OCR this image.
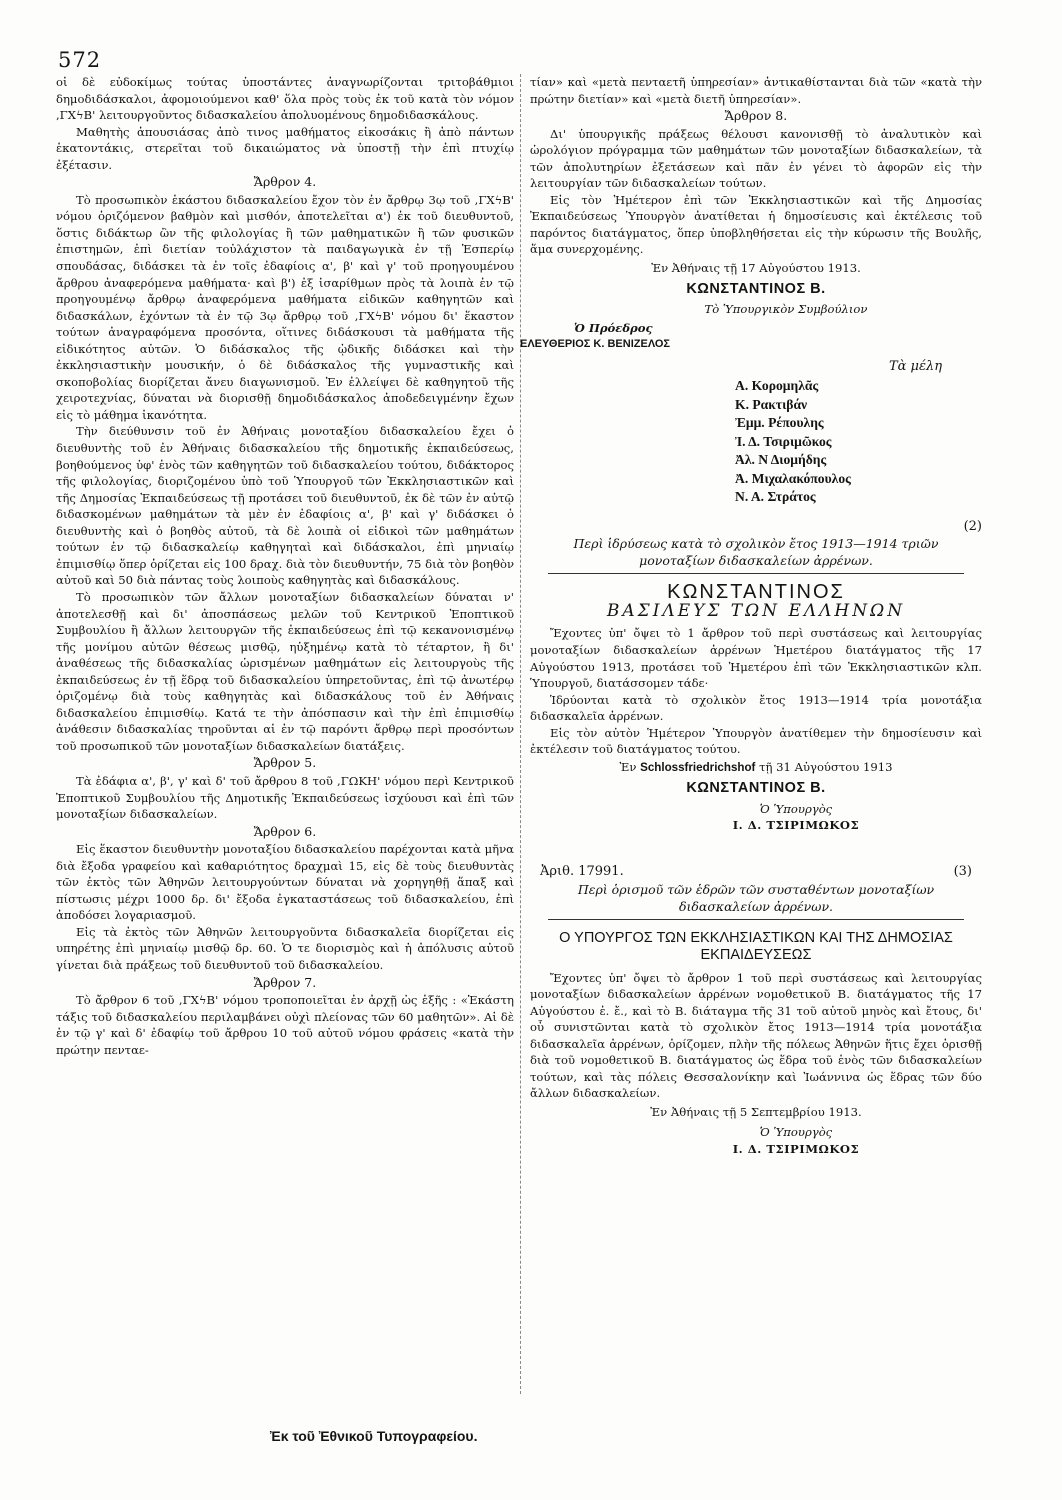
572

οἱ δὲ εὐδοκίμως τούτας ὑποστάντες ἀναγνωρίζονται τριτοβάθμιοι δημοδιδάσκαλοι, ἀφομοιούμενοι καθ' ὅλα πρὸς τοὺς ἐκ τοῦ κατὰ τὸν νόμον ,ΓΧϟΒ' λειτουργοῦντος διδασκαλείου ἀπολυομένους δημοδιδασκάλους.

Μαθητὴς ἀπουσιάσας ἀπὸ τινος μαθήματος εἰκοσάκις ἢ ἀπὸ πάντων ἑκατοντάκις, στερεῖται τοῦ δικαιώματος νὰ ὑποστῇ τὴν ἐπὶ πτυχίῳ ἐξέτασιν.

Ἄρθρον 4.

Τὸ προσωπικὸν ἑκάστου διδασκαλείου ἔχον τὸν ἐν ἄρθρῳ 3ῳ τοῦ ,ΓΧϟΒ' νόμου ὁριζόμενον βαθμὸν καὶ μισθόν, ἀποτελεῖται α') ἐκ τοῦ διευθυντοῦ, ὅστις διδάκτωρ ὢν τῆς φιλολογίας ἢ τῶν μαθηματικῶν ἢ τῶν φυσικῶν ἐπιστημῶν, ἐπὶ διετίαν τοὐλάχιστον τὰ παιδαγωγικὰ ἐν τῇ Ἑσπερίῳ σπουδάσας, διδάσκει τὰ ἐν τοῖς ἐδαφίοις α', β' καὶ γ' τοῦ προηγουμένου ἄρθρου ἀναφερόμενα μαθήματα· καὶ β') ἐξ ἰσαρίθμων πρὸς τὰ λοιπὰ ἐν τῷ προηγουμένῳ ἄρθρῳ ἀναφερόμενα μαθήματα εἰδικῶν καθηγητῶν καὶ διδασκάλων, ἐχόντων τὰ ἐν τῷ 3ῳ ἄρθρῳ τοῦ ,ΓΧϟΒ' νόμου δι' ἕκαστον τούτων ἀναγραφόμενα προσόντα, οἵτινες διδάσκουσι τὰ μαθήματα τῆς εἰδικότητος αὐτῶν. Ὁ διδάσκαλος τῆς ᾠδικῆς διδάσκει καὶ τὴν ἐκκλησιαστικὴν μουσικήν, ὁ δὲ διδάσκαλος τῆς γυμναστικῆς καὶ σκοποβολίας διορίζεται ἄνευ διαγωνισμοῦ. Ἐν ἐλλείψει δὲ καθηγητοῦ τῆς χειροτεχνίας, δύναται νὰ διορισθῇ δημοδιδάσκαλος ἀποδεδειγμένην ἔχων εἰς τὸ μάθημα ἱκανότητα.

Τὴν διεύθυνσιν τοῦ ἐν Ἀθήναις μονοταξίου διδασκαλείου ἔχει ὁ διευθυντὴς τοῦ ἐν Ἀθήναις διδασκαλείου τῆς δημοτικῆς ἐκπαιδεύσεως, βοηθούμενος ὑφ' ἑνὸς τῶν καθηγητῶν τοῦ διδασκαλείου τούτου, διδάκτορος τῆς φιλολογίας, διοριζομένου ὑπὸ τοῦ Ὑπουργοῦ τῶν Ἐκκλησιαστικῶν καὶ τῆς Δημοσίας Ἐκπαιδεύσεως τῇ προτάσει τοῦ διευθυντοῦ, ἐκ δὲ τῶν ἐν αὐτῷ διδασκομένων μαθημάτων τὰ μὲν ἐν ἐδαφίοις α', β' καὶ γ' διδάσκει ὁ διευθυντὴς καὶ ὁ βοηθὸς αὐτοῦ, τὰ δὲ λοιπὰ οἱ εἰδικοὶ τῶν μαθημάτων τούτων ἐν τῷ διδασκαλείῳ καθηγηταὶ καὶ διδάσκαλοι, ἐπὶ μηνιαίῳ ἐπιμισθίῳ ὅπερ ὁρίζεται εἰς 100 δραχ. διὰ τὸν διευθυντήν, 75 διὰ τὸν βοηθὸν αὐτοῦ καὶ 50 διὰ πάντας τοὺς λοιποὺς καθηγητὰς καὶ διδασκάλους.

Τὸ προσωπικὸν τῶν ἄλλων μονοταξίων διδασκαλείων δύναται ν' ἀποτελεσθῇ καὶ δι' ἀποσπάσεως μελῶν τοῦ Κεντρικοῦ Ἐποπτικοῦ Συμβουλίου ἢ ἄλλων λειτουργῶν τῆς ἐκπαιδεύσεως ἐπὶ τῷ κεκανονισμένῳ τῆς μονίμου αὐτῶν θέσεως μισθῷ, ηὐξημένῳ κατὰ τὸ τέταρτον, ἢ δι' ἀναθέσεως τῆς διδασκαλίας ὡρισμένων μαθημάτων εἰς λειτουργοὺς τῆς ἐκπαιδεύσεως ἐν τῇ ἕδρᾳ τοῦ διδασκαλείου ὑπηρετοῦντας, ἐπὶ τῷ ἀνωτέρῳ ὁριζομένῳ διὰ τοὺς καθηγητὰς καὶ διδασκάλους τοῦ ἐν Ἀθήναις διδασκαλείου ἐπιμισθίῳ. Κατά τε τὴν ἀπόσπασιν καὶ τὴν ἐπὶ ἐπιμισθίῳ ἀνάθεσιν διδασκαλίας τηροῦνται αἱ ἐν τῷ παρόντι ἄρθρῳ περὶ προσόντων τοῦ προσωπικοῦ τῶν μονοταξίων διδασκαλείων διατάξεις.

Ἄρθρον 5.

Τὰ ἐδάφια α', β', γ' καὶ δ' τοῦ ἄρθρου 8 τοῦ ,ΓΩΚΗ' νόμου περὶ Κεντρικοῦ Ἐποπτικοῦ Συμβουλίου τῆς Δημοτικῆς Ἐκπαιδεύσεως ἰσχύουσι καὶ ἐπὶ τῶν μονοταξίων διδασκαλείων.

Ἄρθρον 6.

Εἰς ἕκαστον διευθυντὴν μονοταξίου διδασκαλείου παρέχονται κατὰ μῆνα διὰ ἔξοδα γραφείου καὶ καθαριότητος δραχμαὶ 15, εἰς δὲ τοὺς διευθυντὰς τῶν ἐκτὸς τῶν Ἀθηνῶν λειτουργούντων δύναται νὰ χορηγηθῇ ἅπαξ καὶ πίστωσις μέχρι 1000 δρ. δι' ἔξοδα ἐγκαταστάσεως τοῦ διδασκαλείου, ἐπὶ ἀποδόσει λογαριασμοῦ.

Εἰς τὰ ἐκτὸς τῶν Ἀθηνῶν λειτουργοῦντα διδασκαλεῖα διορίζεται εἰς υπηρέτης ἐπὶ μηνιαίῳ μισθῷ δρ. 60. Ὁ τε διορισμὸς καὶ ἡ ἀπόλυσις αὐτοῦ γίνεται διὰ πράξεως τοῦ διευθυντοῦ τοῦ διδασκαλείου.

Ἄρθρον 7.

Τὸ ἄρθρον 6 τοῦ ,ΓΧϟΒ' νόμου τροποποιεῖται ἐν ἀρχῇ ὡς ἑξῆς : «Ἑκάστη τάξις τοῦ διδασκαλείου περιλαμβάνει οὐχὶ πλείονας τῶν 60 μαθητῶν». Αἱ δὲ ἐν τῷ γ' καὶ δ' ἐδαφίῳ τοῦ ἄρθρου 10 τοῦ αὐτοῦ νόμου φράσεις «κατὰ τὴν πρώτην πενταε-

τίαν» καὶ «μετὰ πενταετῆ ὑπηρεσίαν» ἀντικαθίστανται διὰ τῶν «κατὰ τὴν πρώτην διετίαν» καὶ «μετὰ διετῆ ὑπηρεσίαν».

Ἄρθρον 8.

Δι' ὑπουργικῆς πράξεως θέλουσι κανονισθῇ τὸ ἀναλυτικὸν καὶ ὡρολόγιον πρόγραμμα τῶν μαθημάτων τῶν μονοταξίων διδασκαλείων, τὰ τῶν ἀπολυτηρίων ἐξετάσεων καὶ πᾶν ἐν γένει τὸ ἀφορῶν εἰς τὴν λειτουργίαν τῶν διδασκαλείων τούτων.

Εἰς τὸν Ἡμέτερον ἐπὶ τῶν Ἐκκλησιαστικῶν καὶ τῆς Δημοσίας Ἐκπαιδεύσεως Ὑπουργὸν ἀνατίθεται ἡ δημοσίευσις καὶ ἐκτέλεσις τοῦ παρόντος διατάγματος, ὅπερ ὑποβληθήσεται εἰς τὴν κύρωσιν τῆς Βουλῆς, ἅμα συνερχομένης.

Ἐν Ἀθήναις τῇ 17 Αὐγούστου 1913.
ΚΩΝΣΤΑΝΤΙΝΟΣ Β.
Τὸ Ὑπουργικὸν Συμβούλιον
Ὁ Πρόεδρος
ΕΛΕΥΘΕΡΙΟΣ Κ. ΒΕΝΙΖΕΛΟΣ
Τὰ μέλη
Α. Κορομηλᾶς
Κ. Ρακτιβάν
Ἐμμ. Ρέπουλης
Ἰ. Δ. Τσιριμῶκος
Ἀλ. Ν Διομήδης
Ἀ. Μιχαλακόπουλος
Ν. Α. Στράτος
(2)
Περὶ ἱδρύσεως κατὰ τὸ σχολικὸν ἔτος 1913—1914 τριῶν μονοταξίων διδασκαλείων ἀρρένων.
ΚΩΝΣΤΑΝΤΙΝΟΣ
ΒΑΣΙΛΕΥΣ ΤΩΝ ΕΛΛΗΝΩΝ

Ἔχοντες ὑπ' ὄψει τὸ 1 ἄρθρον τοῦ περὶ συστάσεως καὶ λειτουργίας μονοταξίων διδασκαλείων ἀρρένων Ἡμετέρου διατάγματος τῆς 17 Αὐγούστου 1913, προτάσει τοῦ Ἡμετέρου ἐπὶ τῶν Ἐκκλησιαστικῶν κλπ. Ὑπουργοῦ, διατάσσομεν τάδε·

Ἱδρύονται κατὰ τὸ σχολικὸν ἔτος 1913—1914 τρία μονοτάξια διδασκαλεῖα ἀρρένων.

Εἰς τὸν αὐτὸν Ἡμέτερον Ὑπουργὸν ἀνατίθεμεν τὴν δημοσίευσιν καὶ ἐκτέλεσιν τοῦ διατάγματος τούτου.

Ἐν Schlossfriedrichshof τῇ 31 Αὐγούστου 1913
ΚΩΝΣΤΑΝΤΙΝΟΣ Β.
Ὁ Ὑπουργὸς
Ι. Δ. ΤΣΙΡΙΜΩΚΟΣ
Ἀριθ. 17991.	(3)
Περὶ ὁρισμοῦ τῶν ἑδρῶν τῶν συσταθέντων μονοταξίων διδασκαλείων ἀρρένων.
Ο ΥΠΟΥΡΓΟΣ ΤΩΝ ΕΚΚΛΗΣΙΑΣΤΙΚΩΝ ΚΑΙ ΤΗΣ ΔΗΜΟΣΙΑΣ ΕΚΠΑΙΔΕΥΣΕΩΣ

Ἔχοντες ὑπ' ὄψει τὸ ἄρθρον 1 τοῦ περὶ συστάσεως καὶ λειτουργίας μονοταξίων διδασκαλείων ἀρρένων νομοθετικοῦ Β. διατάγματος τῆς 17 Αὐγούστου ἐ. ἔ., καὶ τὸ Β. διάταγμα τῆς 31 τοῦ αὐτοῦ μηνὸς καὶ ἔτους, δι' οὗ συνιστῶνται κατὰ τὸ σχολικὸν ἔτος 1913—1914 τρία μονοτάξια διδασκαλεῖα ἀρρένων, ὁρίζομεν, πλὴν τῆς πόλεως Ἀθηνῶν ἥτις ἔχει ὁρισθῇ διὰ τοῦ νομοθετικοῦ Β. διατάγματος ὡς ἕδρα τοῦ ἑνὸς τῶν διδασκαλείων τούτων, καὶ τὰς πόλεις Θεσσαλονίκην καὶ Ἰωάννινα ὡς ἕδρας τῶν δύο ἄλλων διδασκαλείων.

Ἐν Ἀθήναις τῇ 5 Σεπτεμβρίου 1913.
Ὁ Ὑπουργὸς
Ι. Δ. ΤΣΙΡΙΜΩΚΟΣ
Ἐκ τοῦ Ἐθνικοῦ Τυπογραφείου.
